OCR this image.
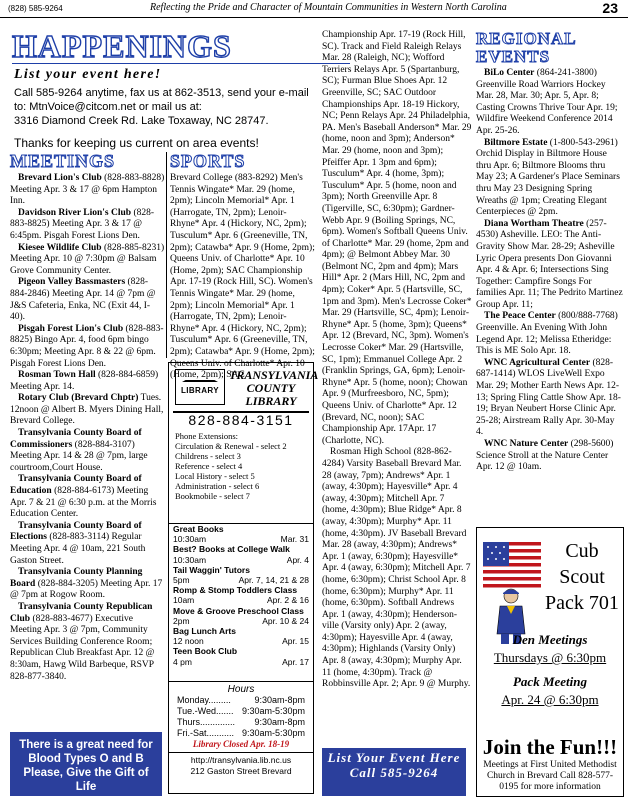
(828) 585-9264	Reflecting the Pride and Character of Mountain Communities in Western North Carolina	23
HAPPENINGS
List your event here!
Call 585-9264 anytime, fax us at 862-3513, send your e-mail
to: MtnVoice@citcom.net or mail us at:
3316 Diamond Creek Rd. Lake Toxaway, NC 28747.
Thanks for keeping us current on area events!
MEETINGS

Brevard Lion's Club (828-883-8828) Meeting Apr. 3 & 17 @ 6pm Hampton Inn.

Davidson River Lion's Club (828-883-8825) Meeting Apr. 3 & 17 @ 6:45pm. Pisgah Forest Lions Den.

Kiesee Wildlife Club (828-885-8231) Meeting Apr. 10 @ 7:30pm @ Balsam Grove Community Center.

Pigeon Valley Bassmasters (828-884-2846) Meeting Apr. 14 @ 7pm @ J&S Cafeteria, Enka, NC (Exit 44, I-40).

Pisgah Forest Lion's Club (828-883-8825) Bingo Apr. 4, food 6pm bingo 6:30pm; Meeting Apr. 8 & 22 @ 6pm. Pisgah Forest Lions Den.

Rosman Town Hall (828-884-6859) Meeting Apr. 14.

Rotary Club (Brevard Chptr) Tues. 12noon @ Albert B. Myers Dining Hall, Brevard College.

Transylvania County Board of Commissioners (828-884-3107) Meeting Apr. 14 & 28 @ 7pm, large courtroom,Court House.

Transylvania County Board of Education (828-884-6173) Meeting Apr. 7 & 21 @ 6:30 p.m. at the Morris Education Center.

Transylvania County Board of Elections (828-883-3114) Regular Meeting Apr. 4 @ 10am, 221 South Gaston Street.

Transylvania County Planning Board (828-884-3205) Meeting Apr. 17 @ 7pm at Rogow Room.

Transylvania County Republican Club (828-883-4677) Executive Meeting Apr. 3 @ 7pm, Community Services Building Conference Room; Republican Club Breakfast Apr. 12 @ 8:30am, Hawg Wild Barbeque, RSVP 828-877-3840.

There is a great need for Blood Types O and B Please, Give the Gift of Life
SPORTS

Brevard College (883-8292) Men's Tennis Wingate* Mar. 29 (home, 2pm); Lincoln Memorial* Apr. 1 (Harrogate, TN, 2pm); Lenoir-Rhyne* Apr. 4 (Hickory, NC, 2pm); Tusculum* Apr. 6 (Greeneville, TN, 2pm); Catawba* Apr. 9 (Home, 2pm); Queens Univ. of Charlotte* Apr. 10 (Home, 2pm); SAC Championship Apr. 17-19 (Rock Hill, SC). Women's Tennis Wingate* Mar. 29 (home, 2pm); Lincoln Memorial* Apr. 1 (Harrogate, TN, 2pm); Lenoir-Rhyne* Apr. 4 (Hickory, NC, 2pm); Tusculum* Apr. 6 (Greeneville, TN, 2pm); Catawba* Apr. 9 (Home, 2pm); Queens Univ. of Charlotte* Apr. 10 (Home, 2pm); SAC

LIBRARY
TRANSYLVANIA COUNTY LIBRARY
828-884-3151
Phone Extensions:
Circulation & Renewal - select 2
Childrens - select 3
Reference - select 4
Local History - select 5
Administration - select 6
Bookmobile - select 7
Great Books
10:30am	Mar. 31
Best? Books at College Walk
10:30am	Apr. 4
Tail Waggin' Tutors
5pm	Apr. 7, 14, 21 & 28
Romp & Stomp Toddlers Class
10am	Apr. 2 & 16
Move & Groove Preschool Class
2pm	Apr. 10 & 24
Bag Lunch Arts
12 noon	Apr. 15
Teen Book Club
4 pm	Apr. 17
Hours
Monday.........	9:30am-8pm
Tue.-Wed....... 9:30am-5:30pm
Thurs.............. 9:30am-8pm
Fri.-Sat........... 9:30am-5:30pm
Library Closed Apr. 18-19
http://transylvania.lib.nc.us
212 Gaston Street Brevard

Championship Apr. 17-19 (Rock Hill, SC). Track and Field Raleigh Relays Mar. 28 (Raleigh, NC); Wofford Terriers Relays Apr. 5 (Spartanburg, SC); Furman Blue Shoes Apr. 12 Greenville, SC; SAC Outdoor Championships Apr. 18-19 Hickory, NC; Penn Relays Apr. 24 Philadelphia, PA. Men's Baseball Anderson* Mar. 29 (home, noon and 3pm); Anderson* Mar. 29 (home, noon and 3pm); Pfeiffer Apr. 1 3pm and 6pm); Tusculum* Apr. 4 (home, 3pm); Tusculum* Apr. 5 (home, noon and 3pm); North Greenville Apr. 8 (Tigerville, SC, 6:30pm); Gardner-Webb Apr. 9 (Boiling Springs, NC, 6pm). Women's Softball Queens Univ. of Charlotte* Mar. 29 (home, 2pm and 4pm); @ Belmont Abbey Mar. 30 (Belmont NC, 2pm and 4pm); Mars Hill* Apr. 2 (Mars Hill, NC, 2pm and 4pm); Coker* Apr. 5 (Hartsville, SC, 1pm and 3pm). Men's Lecrosse Coker* Mar. 29 (Hartsville, SC, 4pm); Lenoir-Rhyne* Apr. 5 (home, 3pm); Queens* Apr. 12 (Brevard, NC, 3pm). Women's Lecrosse Coker* Mar. 29 (Hartsville, SC, 1pm); Emmanuel College Apr. 2 (Franklin Springs, GA, 6pm); Lenoir-Rhyne* Apr. 5 (home, noon); Chowan Apr. 9 (Murfreesboro, NC, 5pm); Queens Univ. of Charlotte* Apr. 12 (Brevard, NC, noon); SAC Championship Apr. 17Apr. 17 (Charlotte, NC).

Rosman High School (828-862-4284) Varsity Baseball Brevard Mar. 28 (away, 7pm); Andrews* Apr. 1 (away, 4:30pm); Hayesville* Apr. 4 (away, 4:30pm); Mitchell Apr. 7 (home, 4:30pm); Blue Ridge* Apr. 8 (away, 4:30pm); Murphy* Apr. 11 (home, 4:30pm). JV Baseball Brevard Mar. 28 (away, 4:30pm); Andrews* Apr. 1 (away, 6:30pm); Hayesville* Apr. 4 (away, 6:30pm); Mitchell Apr. 7 (home, 6:30pm); Christ School Apr. 8 (home, 6:30pm); Murphy* Apr. 11 (home, 6:30pm). Softball Andrews Apr. 1 (away, 4:30pm); Henderson-ville (Varsity only) Apr. 2 (away, 4:30pm); Hayesville Apr. 4 (away, 4:30pm); Highlands (Varsity Only) Apr. 8 (away, 4:30pm); Murphy Apr. 11 (home, 4:30pm). Track @ Robbinsville Apr. 2; Apr. 9 @ Murphy.

List Your Event Here Call 585-9264
REGIONAL EVENTS

BiLo Center (864-241-3800) Greenville Road Warriors Hockey Mar. 28, Mar. 30; Apr. 5, Apr. 8; Casting Crowns Thrive Tour Apr. 19; Wildfire Weekend Conference 2014 Apr. 25-26.

Biltmore Estate (1-800-543-2961) Orchid Display in Biltmore House thru Apr. 6; Biltmore Blooms thru May 23; A Gardener's Place Seminars thru May 23 Designing Spring Wreaths @ 1pm; Creating Elegant Centerpieces @ 2pm.

Diana Wortham Theatre (257-4530) Asheville. LEO: The Anti-Gravity Show Mar. 28-29; Asheville Lyric Opera presents Don Giovanni Apr. 4 & Apr. 6; Intersections Sing Together: Campfire Songs For families Apr. 11; The Pedrito Martinez Group Apr. 11;

The Peace Center (800/888-7768) Greenville. An Evening With John Legend Apr. 12; Melissa Etheridge: This is ME Solo Apr. 18.

WNC Agricultural Center (828-687-1414) WLOS LiveWell Expo Mar. 29; Mother Earth News Apr. 12-13; Spring Fling Cattle Show Apr. 18-19; Bryan Neubert Horse Clinic Apr. 25-28; Airstream Rally Apr. 30-May 4.

WNC Nature Center (298-5600) Science Stroll at the Nature Center Apr. 12 @ 10am.

Cub Scout
Pack 701
Den Meetings
Thursdays @ 6:30pm
Pack Meeting
Apr. 24 @ 6:30pm
Join the Fun!!!
Meetings at First United Methodist Church in Brevard Call 828-577-0195 for more information
